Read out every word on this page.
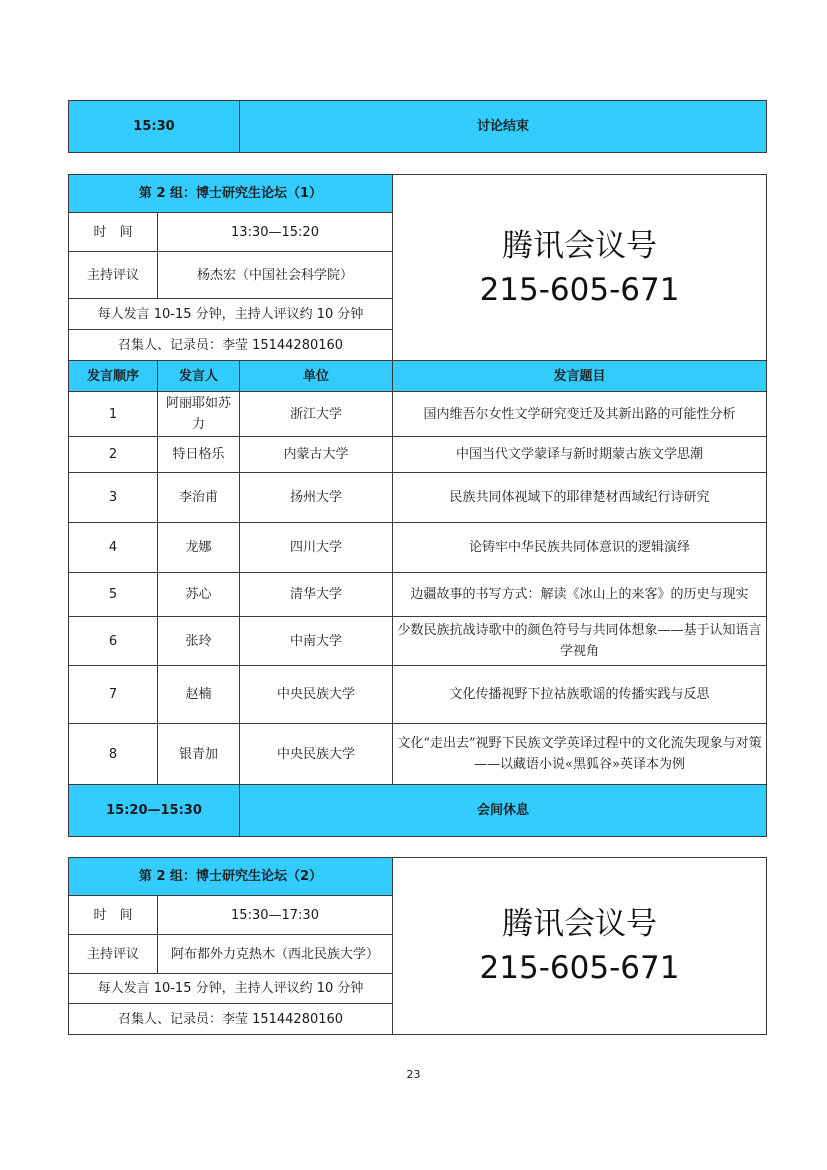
15:30	讨论结束
第 2 组：博士研究生论坛（1）			腾讯会议号
215-605-671

时　间	13:30—15:20		
主持评议	杨杰宏（中国社会科学院）		
每人发言 10-15 分钟，主持人评议约 10 分钟			
召集人、记录员：李莹 15144280160			
发言顺序	发言人	单位	发言题目
1	阿丽耶如苏力	浙江大学	国内维吾尔女性文学研究变迁及其新出路的可能性分析
2	特日格乐	内蒙古大学	中国当代文学蒙译与新时期蒙古族文学思潮
3	李治甫	扬州大学	民族共同体视域下的耶律楚材西域纪行诗研究
4	龙娜	四川大学	论铸牢中华民族共同体意识的逻辑演绎
5	苏心	清华大学	边疆故事的书写方式：解读《冰山上的来客》的历史与现实
6	张玲	中南大学	少数民族抗战诗歌中的颜色符号与共同体想象——基于认知语言学视角
7	赵楠	中央民族大学	文化传播视野下拉祜族歌谣的传播实践与反思
8	银青加	中央民族大学	文化“走出去”视野下民族文学英译过程中的文化流失现象与对策——以藏语小说«黑狐谷»英译本为例
15:20—15:30		会间休息	
第 2 组：博士研究生论坛（2）		腾讯会议号
215-605-671

时　间	15:30—17:30	
主持评议	阿布都外力克热木（西北民族大学）	
每人发言 10-15 分钟，主持人评议约 10 分钟		
召集人、记录员：李莹 15144280160		
23
